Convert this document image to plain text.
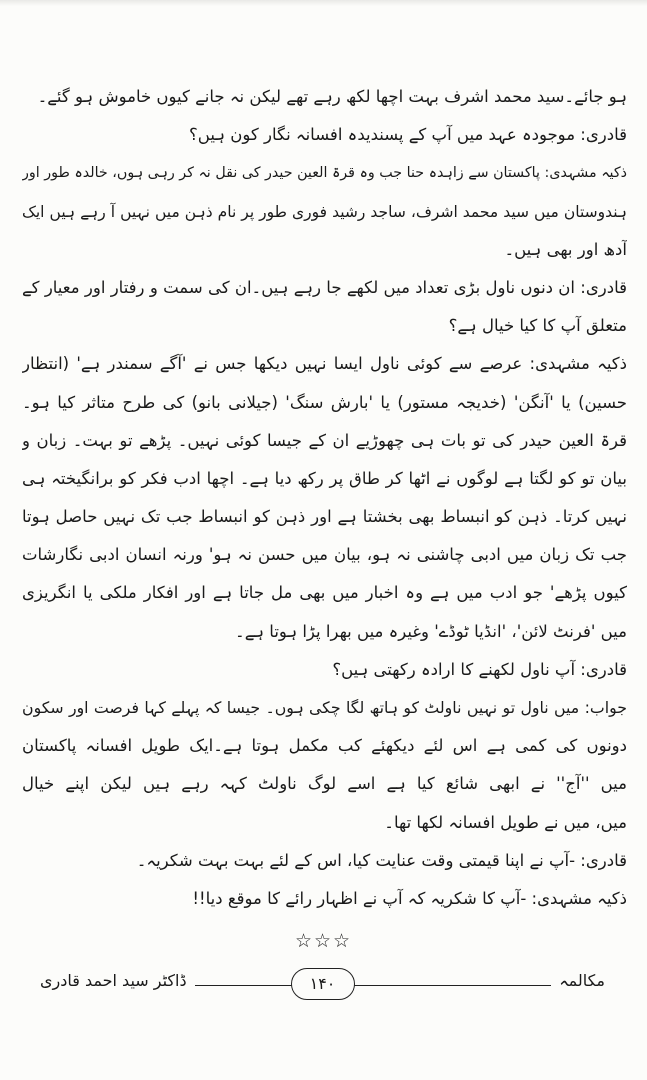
ہو جائے۔سید محمد اشرف بہت اچھا لکھ رہے تھے لیکن نہ جانے کیوں خاموش ہو گئے۔
قادری: موجودہ عہد میں آپ کے پسندیدہ افسانہ نگار کون ہیں؟
ذکیہ مشہدی: پاکستان سے زاہدہ حنا جب وہ قرۃ العین حیدر کی نقل نہ کر رہی ہوں، خالدہ طور اور
ہندوستان میں سید محمد اشرف، ساجد رشید فوری طور پر نام ذہن میں نہیں آ رہے ہیں ایک
آدھ اور بھی ہیں۔
قادری: ان دنوں ناول بڑی تعداد میں لکھے جا رہے ہیں۔ان کی سمت و رفتار اور معیار کے
متعلق آپ کا کیا خیال ہے؟
ذکیہ مشہدی: عرصے سے کوئی ناول ایسا نہیں دیکھا جس نے 'آگے سمندر ہے' (انتظار
حسین) یا 'آنگن' (خدیجہ مستور) یا 'بارش سنگ' (جیلانی بانو) کی طرح متاثر کیا ہو۔
قرۃ العین حیدر کی تو بات ہی چھوڑیے ان کے جیسا کوئی نہیں۔ پڑھے تو بہت۔ زبان و
بیان تو کو لگتا ہے لوگوں نے اٹھا کر طاق پر رکھ دیا ہے۔ اچھا ادب فکر کو برانگیختہ ہی
نہیں کرتا۔ ذہن کو انبساط بھی بخشتا ہے اور ذہن کو انبساط جب تک نہیں حاصل ہوتا
جب تک زبان میں ادبی چاشنی نہ ہو، بیان میں حسن نہ ہو' ورنہ انسان ادبی نگارشات
کیوں پڑھے' جو ادب میں ہے وہ اخبار میں بھی مل جاتا ہے اور افکار ملکی یا انگریزی
میں 'فرنٹ لائن'، 'انڈیا ٹوڈے' وغیرہ میں بھرا پڑا ہوتا ہے۔
قادری: آپ ناول لکھنے کا ارادہ رکھتی ہیں؟
جواب: میں ناول تو نہیں ناولٹ کو ہاتھ لگا چکی ہوں۔ جیسا کہ پہلے کہا فرصت اور سکون
دونوں کی کمی ہے اس لئے دیکھئے کب مکمل ہوتا ہے۔ایک طویل افسانہ پاکستان
میں ''آج'' نے ابھی شائع کیا ہے اسے لوگ ناولٹ کہہ رہے ہیں لیکن اپنے خیال
میں، میں نے طویل افسانہ لکھا تھا۔
قادری: -آپ نے اپنا قیمتی وقت عنایت کیا، اس کے لئے بہت بہت شکریہ۔
ذکیہ مشہدی: -آپ کا شکریہ کہ آپ نے اظہار رائے کا موقع دیا!!
☆☆☆
ڈاکٹر سید احمد قادری	۱۴۰	مکالمہ
